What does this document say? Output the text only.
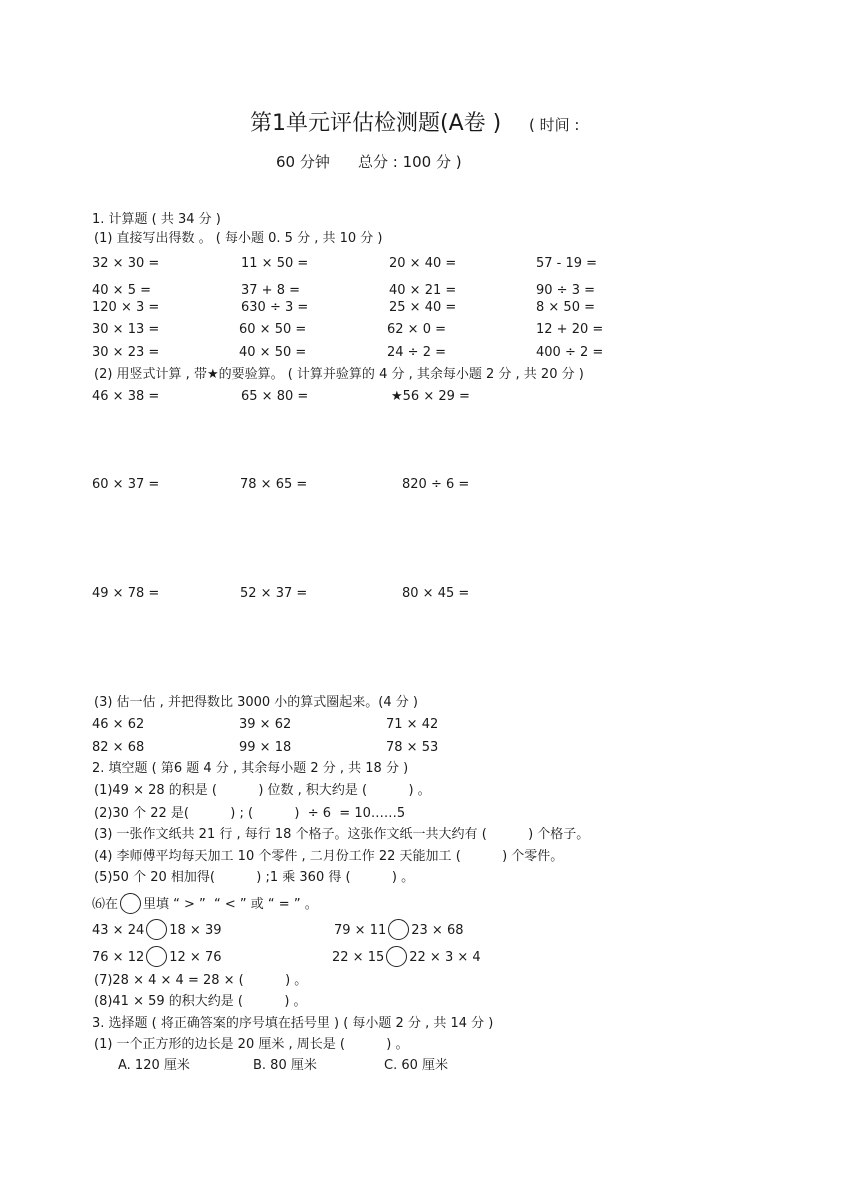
第1单元评估检测题(A卷 ) ( 时间 :
60 分钟 总分 : 100 分 )
1. 计算题 ( 共 34 分 )
(1) 直接写出得数 。 ( 每小题 0. 5 分 , 共 10 分 )
32 × 30 =	11 × 50 =	20 × 40 =	57 - 19 =
40 × 5 =	37 + 8 =	40 × 21 =	90 ÷ 3 =
120 × 3 =	630 ÷ 3 =	25 × 40 =	8 × 50 =
30 × 13 =	60 × 50 =	62 × 0 =	12 + 20 =
30 × 23 =	40 × 50 =	24 ÷ 2 =	400 ÷ 2 =
(2) 用竖式计算 , 带★的要验算。 ( 计算并验算的 4 分 , 其余每小题 2 分 , 共 20 分 )
46 × 38 =	65 × 80 =	★56 × 29 =
60 × 37 =	78 × 65 =	820 ÷ 6 =
49 × 78 =	52 × 37 =	80 × 45 =
(3) 估一估 , 并把得数比 3000 小的算式圈起来。(4 分 )
46 × 62	39 × 62	71 × 42
82 × 68	99 × 18	78 × 53
2. 填空题 ( 第6 题 4 分 , 其余每小题 2 分 , 共 18 分 )
(1)49 × 28 的积是 (          ) 位数 , 积大约是 (          ) 。
(2)30 个 22 是(          ) ; (          )  ÷ 6  = 10……5
(3) 一张作文纸共 21 行 , 每行 18 个格子。这张作文纸一共大约有 (          ) 个格子。
(4) 李师傅平均每天加工 10 个零件 , 二月份工作 22 天能加工 (          ) 个零件。
(5)50 个 20 相加得(          ) ;1 乘 360 得 (          ) 。
⑹在 里填 “ > ”  “ < ” 或 “ = ” 。
43 × 24 18 × 39	79 × 11 23 × 68
76 × 12 12 × 76	22 × 15 22 × 3 × 4
(7)28 × 4 × 4 = 28 × (          ) 。
(8)41 × 59 的积大约是 (          ) 。
3. 选择题 ( 将正确答案的序号填在括号里 ) ( 每小题 2 分 , 共 14 分 )
(1) 一个正方形的边长是 20 厘米 , 周长是 (          ) 。
A. 120 厘米	B. 80 厘米	C. 60 厘米
